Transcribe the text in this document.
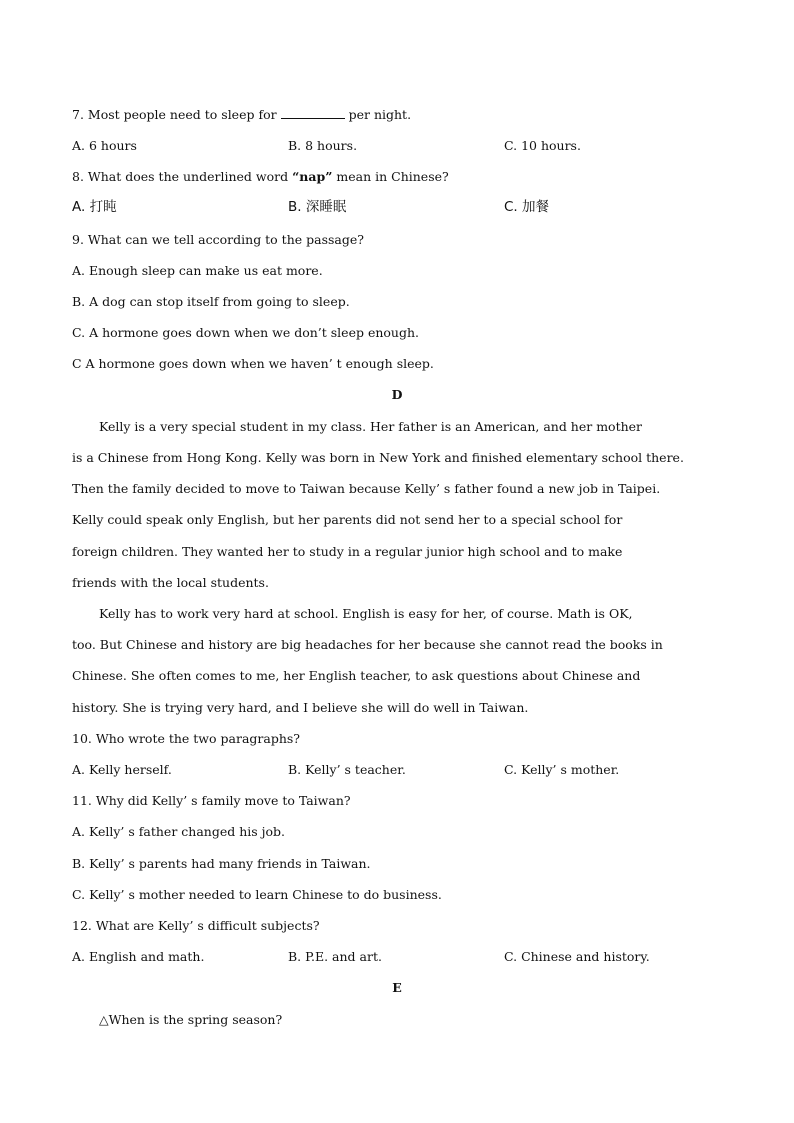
7. Most people need to sleep for	per night.
A. 6 hours	B. 8 hours.	C. 10 hours.
8. What does the underlined word “nap” mean in Chinese?
A. 打盹	B. 深睡眠	C. 加餐
9. What can we tell according to the passage?
A. Enough sleep can make us eat more.
B. A dog can stop itself from going to sleep.
C. A hormone goes down when we don’t sleep enough.
C A hormone goes down when we haven’ t enough sleep.
D
Kelly is a very special student in my class. Her father is an American, and her mother
is a Chinese from Hong Kong. Kelly was born in New York and finished elementary school there.
Then the family decided to move to Taiwan because Kelly’ s father found a new job in Taipei.
Kelly could speak only English, but her parents did not send her to a special school for
foreign children. They wanted her to study in a regular junior high school and to make
friends with the local students.
Kelly has to work very hard at school. English is easy for her, of course. Math is OK,
too. But Chinese and history are big headaches for her because she cannot read the books in
Chinese. She often comes to me, her English teacher, to ask questions about Chinese and
history. She is trying very hard, and I believe she will do well in Taiwan.
10. Who wrote the two paragraphs?
A. Kelly herself.	B. Kelly’ s teacher.	C. Kelly’ s mother.
11. Why did Kelly’ s family move to Taiwan?
A. Kelly’ s father changed his job.
B. Kelly’ s parents had many friends in Taiwan.
C. Kelly’ s mother needed to learn Chinese to do business.
12. What are Kelly’ s difficult subjects?
A. English and math.	B. P.E. and art.	C. Chinese and history.
E
△When is the spring season?
